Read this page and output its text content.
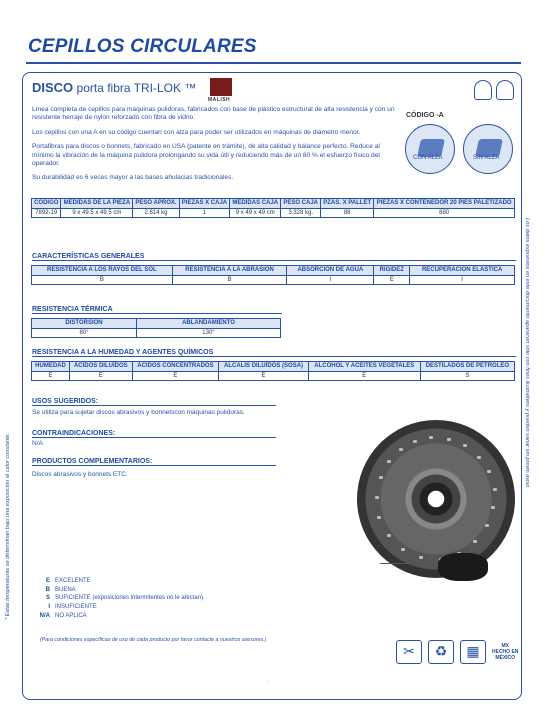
CEPILLOS CIRCULARES
DISCO porta fibra TRI-LOK ™
MALISH

Línea completa de cepillos para máquinas pulidoras, fabricados con base de plástico estructural de alta resistencia y con un resistente herraje de nylon reforzado con fibra de vidrio.

Los cepillos con una A en su código cuentan con alza para poder ser utilizados en máquinas de diámetro menor.

Portafibras para discos o bonnets, fabricado en USA (patente en trámite), de alta calidad y balance perfecto. Reduce al mínimo la vibración de la máquina pulidora prolongando su vida útil y reduciendo más de un 80 % el esfuerzo físico del operador.

Su durabilidad es 6 veces mayor a las bases ahulacias tradicionales.

CÓDIGO -A
CON ALZA	SIN ALZA
CÓDIGO	MEDIDAS DE LA PIEZA	PESO APROX.	PIEZAS X CAJA	MEDIDAS CAJA	PESO CAJA	PZAS. X PALLET	PIEZAS X CONTENEDOR 20 PIES PALETIZADO
7892-19	9 x 49.5 x 49.5 cm	2.614 kg	1	9 x 49 x 49 cm	3.328 kg.	88	880
CARACTERÍSTICAS GENERALES
RESISTENCIA A LOS RAYOS DEL SOL	RESISTENCIA A LA ABRASIÓN	ABSORCIÓN DE AGUA	RIGIDEZ	RECUPERACIÓN ELÁSTICA
B	B	I	E	I
RESISTENCIA TÉRMICA
DISTORSIÓN	ABLANDAMIENTO
80°	130°
RESISTENCIA A LA HUMEDAD Y AGENTES QUÍMICOS
HUMEDAD	ÁCIDOS DILUÍDOS	ÁCIDOS CONCENTRADOS	ALCALIS DILUÍDOS (SOSA)	ALCOHOL Y ACEITES VEGETALES	DESTILADOS DE PETRÓLEO
E	E	E	E	E	S
USOS SUGERIDOS:
Se utiliza para sujetar discos abrasivos y bonnetscon máquinas pulidoras.
CONTRAINDICACIONES:
N/A
PRODUCTOS COMPLEMENTARIOS:
Discos abrasivos y bonnets ETC.
E EXCELENTE
B BUENA
S SUFICIENTE (exposiciones intermitentes no le afectan).
I INSUFICIENTE
N/A NO APLICA
(Para condiciones específicas de uso de cada producto por favor contacte a nuestros asesores.)
✂	♻	▦	MX
HECHO EN
MÉXICO
.
* Estas temperaturas se determinan bajo una exposición al calor constante.
Los datos expuestos en este documento aparecen sólo con fines ilustrativos y pueden variar sin previo aviso.
